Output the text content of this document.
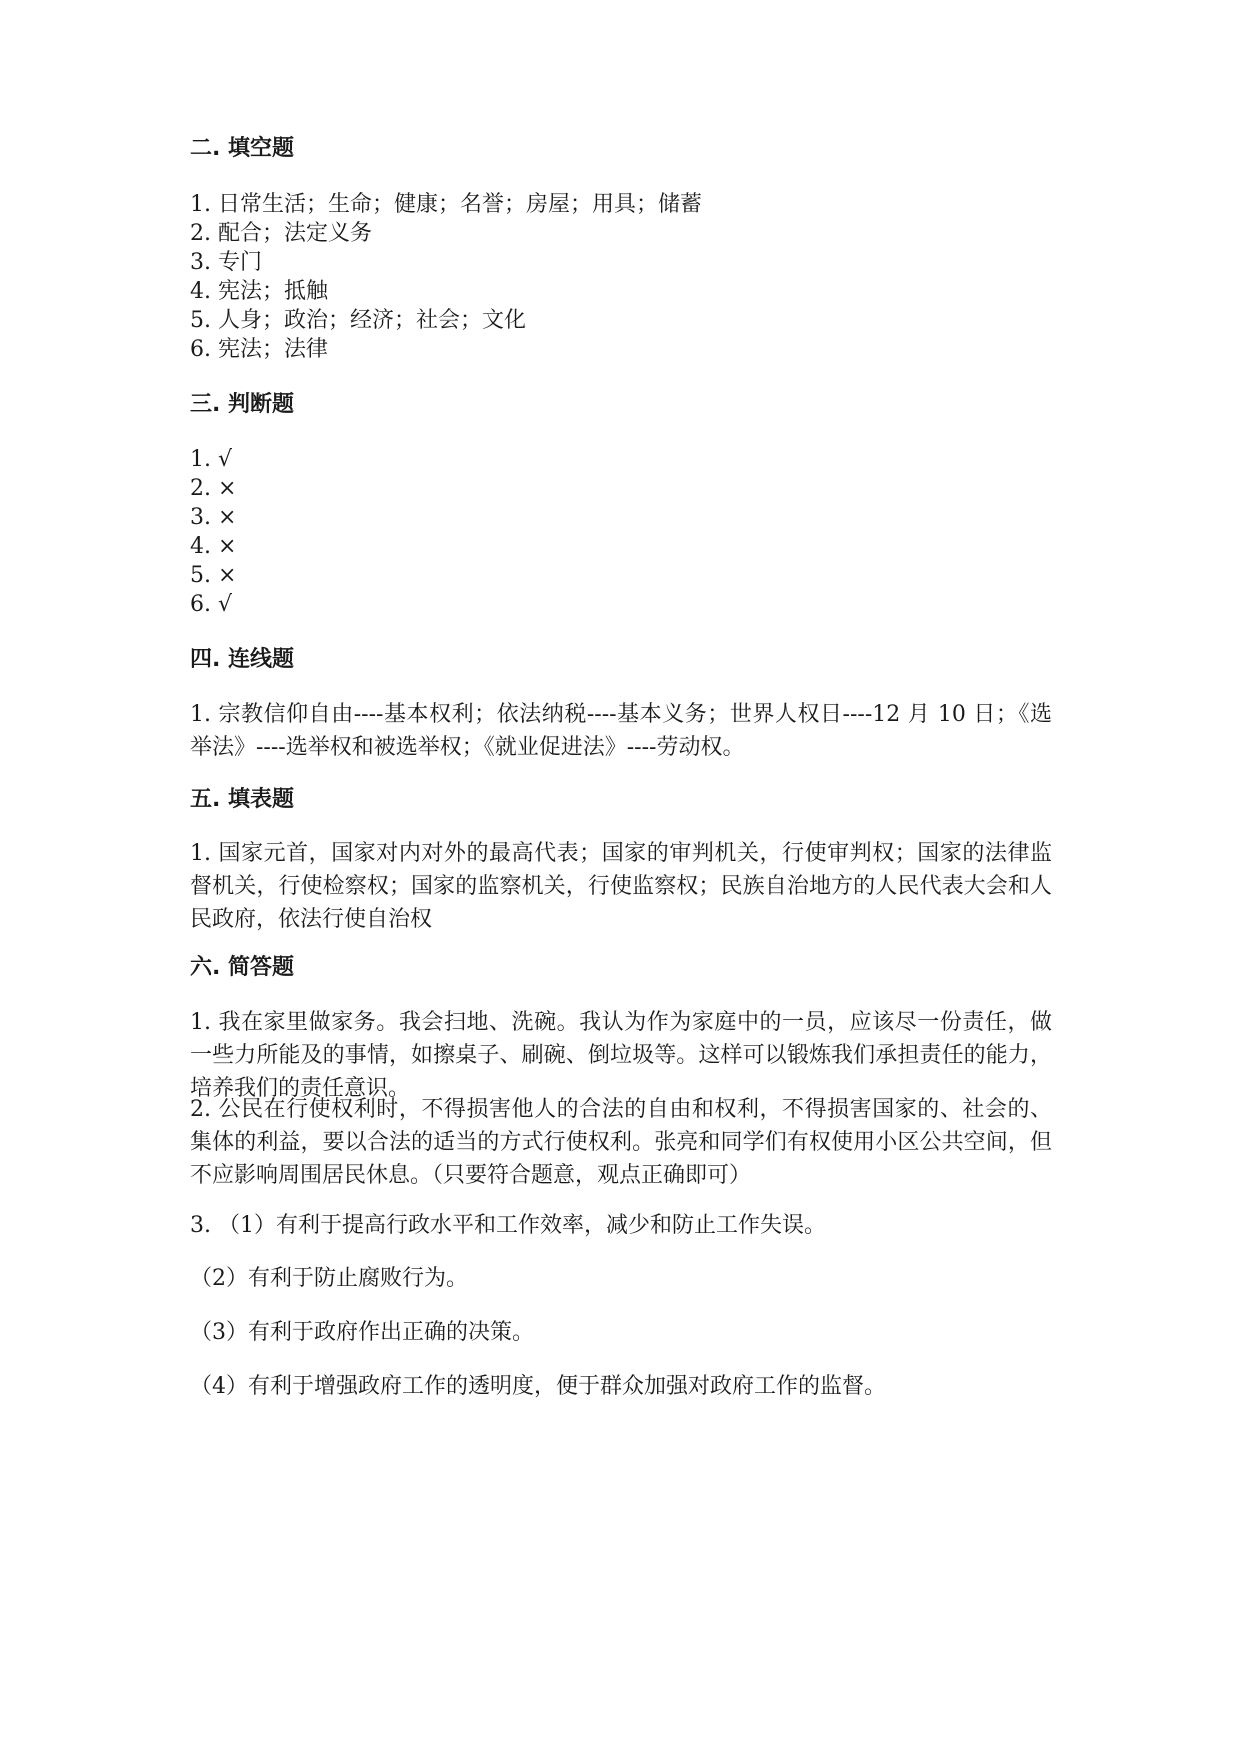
二. 填空题
1. 日常生活；生命；健康；名誉；房屋；用具；储蓄
2. 配合；法定义务
3. 专门
4. 宪法；抵触
5. 人身；政治；经济；社会；文化
6. 宪法；法律
三. 判断题
1. √
2. ×
3. ×
4. ×
5. ×
6. √
四. 连线题
1. 宗教信仰自由----基本权利；依法纳税----基本义务；世界人权日----12 月 10 日；《选举法》----选举权和被选举权；《就业促进法》----劳动权。
五. 填表题
1. 国家元首，国家对内对外的最高代表；国家的审判机关，行使审判权；国家的法律监督机关，行使检察权；国家的监察机关，行使监察权；民族自治地方的人民代表大会和人民政府，依法行使自治权
六. 简答题
1. 我在家里做家务。我会扫地、洗碗。我认为作为家庭中的一员，应该尽一份责任，做一些力所能及的事情，如擦桌子、刷碗、倒垃圾等。这样可以锻炼我们承担责任的能力，培养我们的责任意识。
2. 公民在行使权利时，不得损害他人的合法的自由和权利，不得损害国家的、社会的、集体的利益，要以合法的适当的方式行使权利。张亮和同学们有权使用小区公共空间，但不应影响周围居民休息。（只要符合题意，观点正确即可）
3. （1）有利于提高行政水平和工作效率，减少和防止工作失误。
（2）有利于防止腐败行为。
（3）有利于政府作出正确的决策。
（4）有利于增强政府工作的透明度，便于群众加强对政府工作的监督。
